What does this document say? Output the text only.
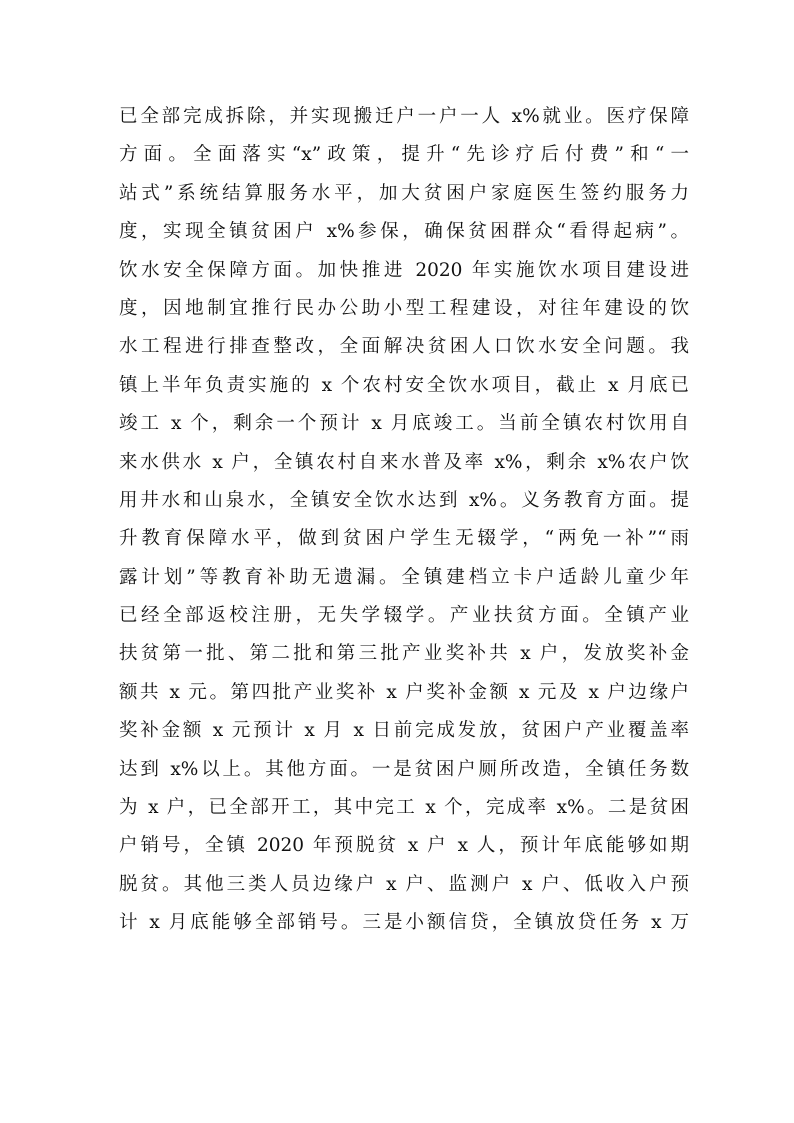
已全部完成拆除，并实现搬迁户一户一人 x%就业。医疗保障
方面。全面落实“x”政策，提升“先诊疗后付费”和“一
站式”系统结算服务水平，加大贫困户家庭医生签约服务力
度，实现全镇贫困户 x%参保，确保贫困群众“看得起病”。
饮水安全保障方面。加快推进 2020 年实施饮水项目建设进
度，因地制宜推行民办公助小型工程建设，对往年建设的饮
水工程进行排查整改，全面解决贫困人口饮水安全问题。我
镇上半年负责实施的 x 个农村安全饮水项目，截止 x 月底已
竣工 x 个，剩余一个预计 x 月底竣工。当前全镇农村饮用自
来水供水 x 户，全镇农村自来水普及率 x%，剩余 x%农户饮
用井水和山泉水，全镇安全饮水达到 x%。义务教育方面。提
升教育保障水平，做到贫困户学生无辍学，“两免一补”“雨
露计划”等教育补助无遗漏。全镇建档立卡户适龄儿童少年
已经全部返校注册，无失学辍学。产业扶贫方面。全镇产业
扶贫第一批、第二批和第三批产业奖补共 x 户，发放奖补金
额共 x 元。第四批产业奖补 x 户奖补金额 x 元及 x 户边缘户
奖补金额 x 元预计 x 月 x 日前完成发放，贫困户产业覆盖率
达到 x%以上。其他方面。一是贫困户厕所改造，全镇任务数
为 x 户，已全部开工，其中完工 x 个，完成率 x%。二是贫困
户销号，全镇 2020 年预脱贫 x 户 x 人，预计年底能够如期
脱贫。其他三类人员边缘户 x 户、监测户 x 户、低收入户预
计 x 月底能够全部销号。三是小额信贷，全镇放贷任务 x 万
